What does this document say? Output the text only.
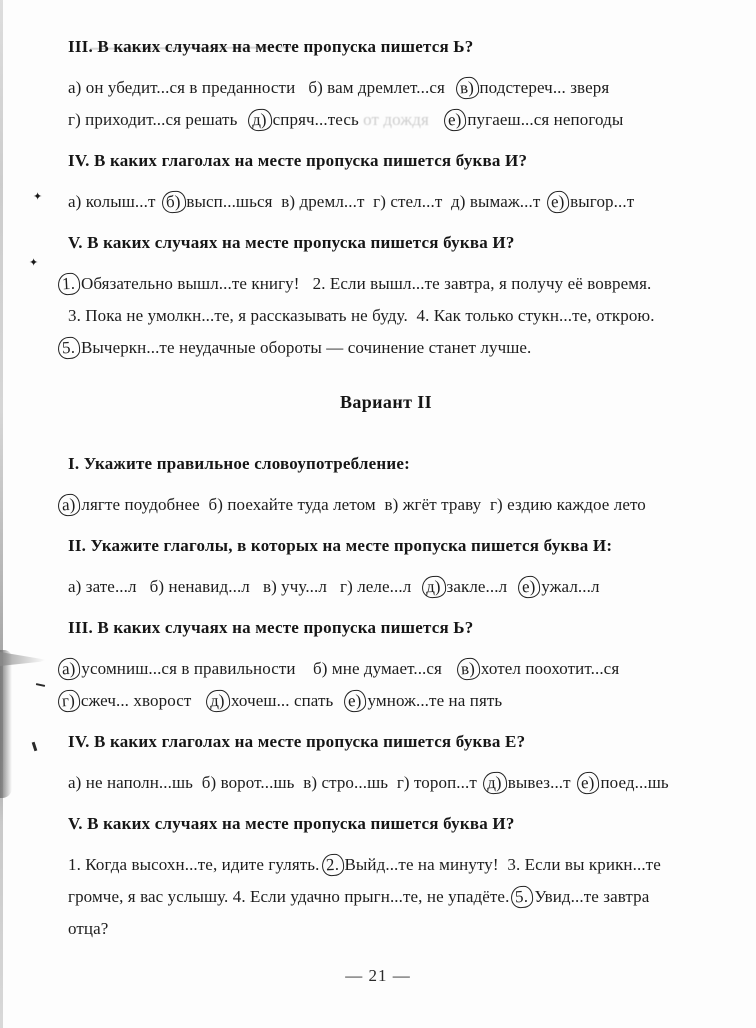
✦
✦
III. В каких случаях на месте пропуска пишется Ь?

а) он убедит...ся в преданности   б) вам дремлет...ся  в) подстереч... зверя

г) приходит...ся решать  д) спряч...тесь от дождя е) пугаеш...ся непогоды

IV. В каких глаголах на месте пропуска пишется буква И?

а) колыш...т б) высп...шься  в) дремл...т  г) стел...т  д) вымаж...т е) выгор...т

V. В каких случаях на месте пропуска пишется буква И?

1. Обязательно вышл...те книгу!   2. Если вышл...те завтра, я получу её вовремя.

3. Пока не умолкн...те, я рассказывать не буду.  4. Как только стукн...те, открою.

5. Вычеркн...те неудачные обороты — сочинение станет лучше.

Вариант II
I. Укажите правильное словоупотребление:

а) лягте поудобнее  б) поехайте туда летом  в) жгёт траву  г) ездию каждое лето

II. Укажите глаголы, в которых на месте пропуска пишется буква И:

а) зате...л   б) ненавид...л   в) учу...л   г) леле...л  д) закле...л  е) ужал...л

III. В каких случаях на месте пропуска пишется Ь?

а) усомниш...ся в правильности    б) мне думает...ся   в) хотел поохотит...ся

г) сжеч... хворост   д) хочеш... спать  е) умнож...те на пять

IV. В каких глаголах на месте пропуска пишется буква Е?

а) не наполн...шь  б) ворот...шь  в) стро...шь  г) тороп...т д) вывез...т е) поед...шь

V. В каких случаях на месте пропуска пишется буква И?

1. Когда высохн...те, идите гулять. 2. Выйд...те на минуту!  3. Если вы крикн...те

громче, я вас услышу. 4. Если удачно прыгн...те, не упадёте. 5. Увид...те завтра

отца?

— 21 —
